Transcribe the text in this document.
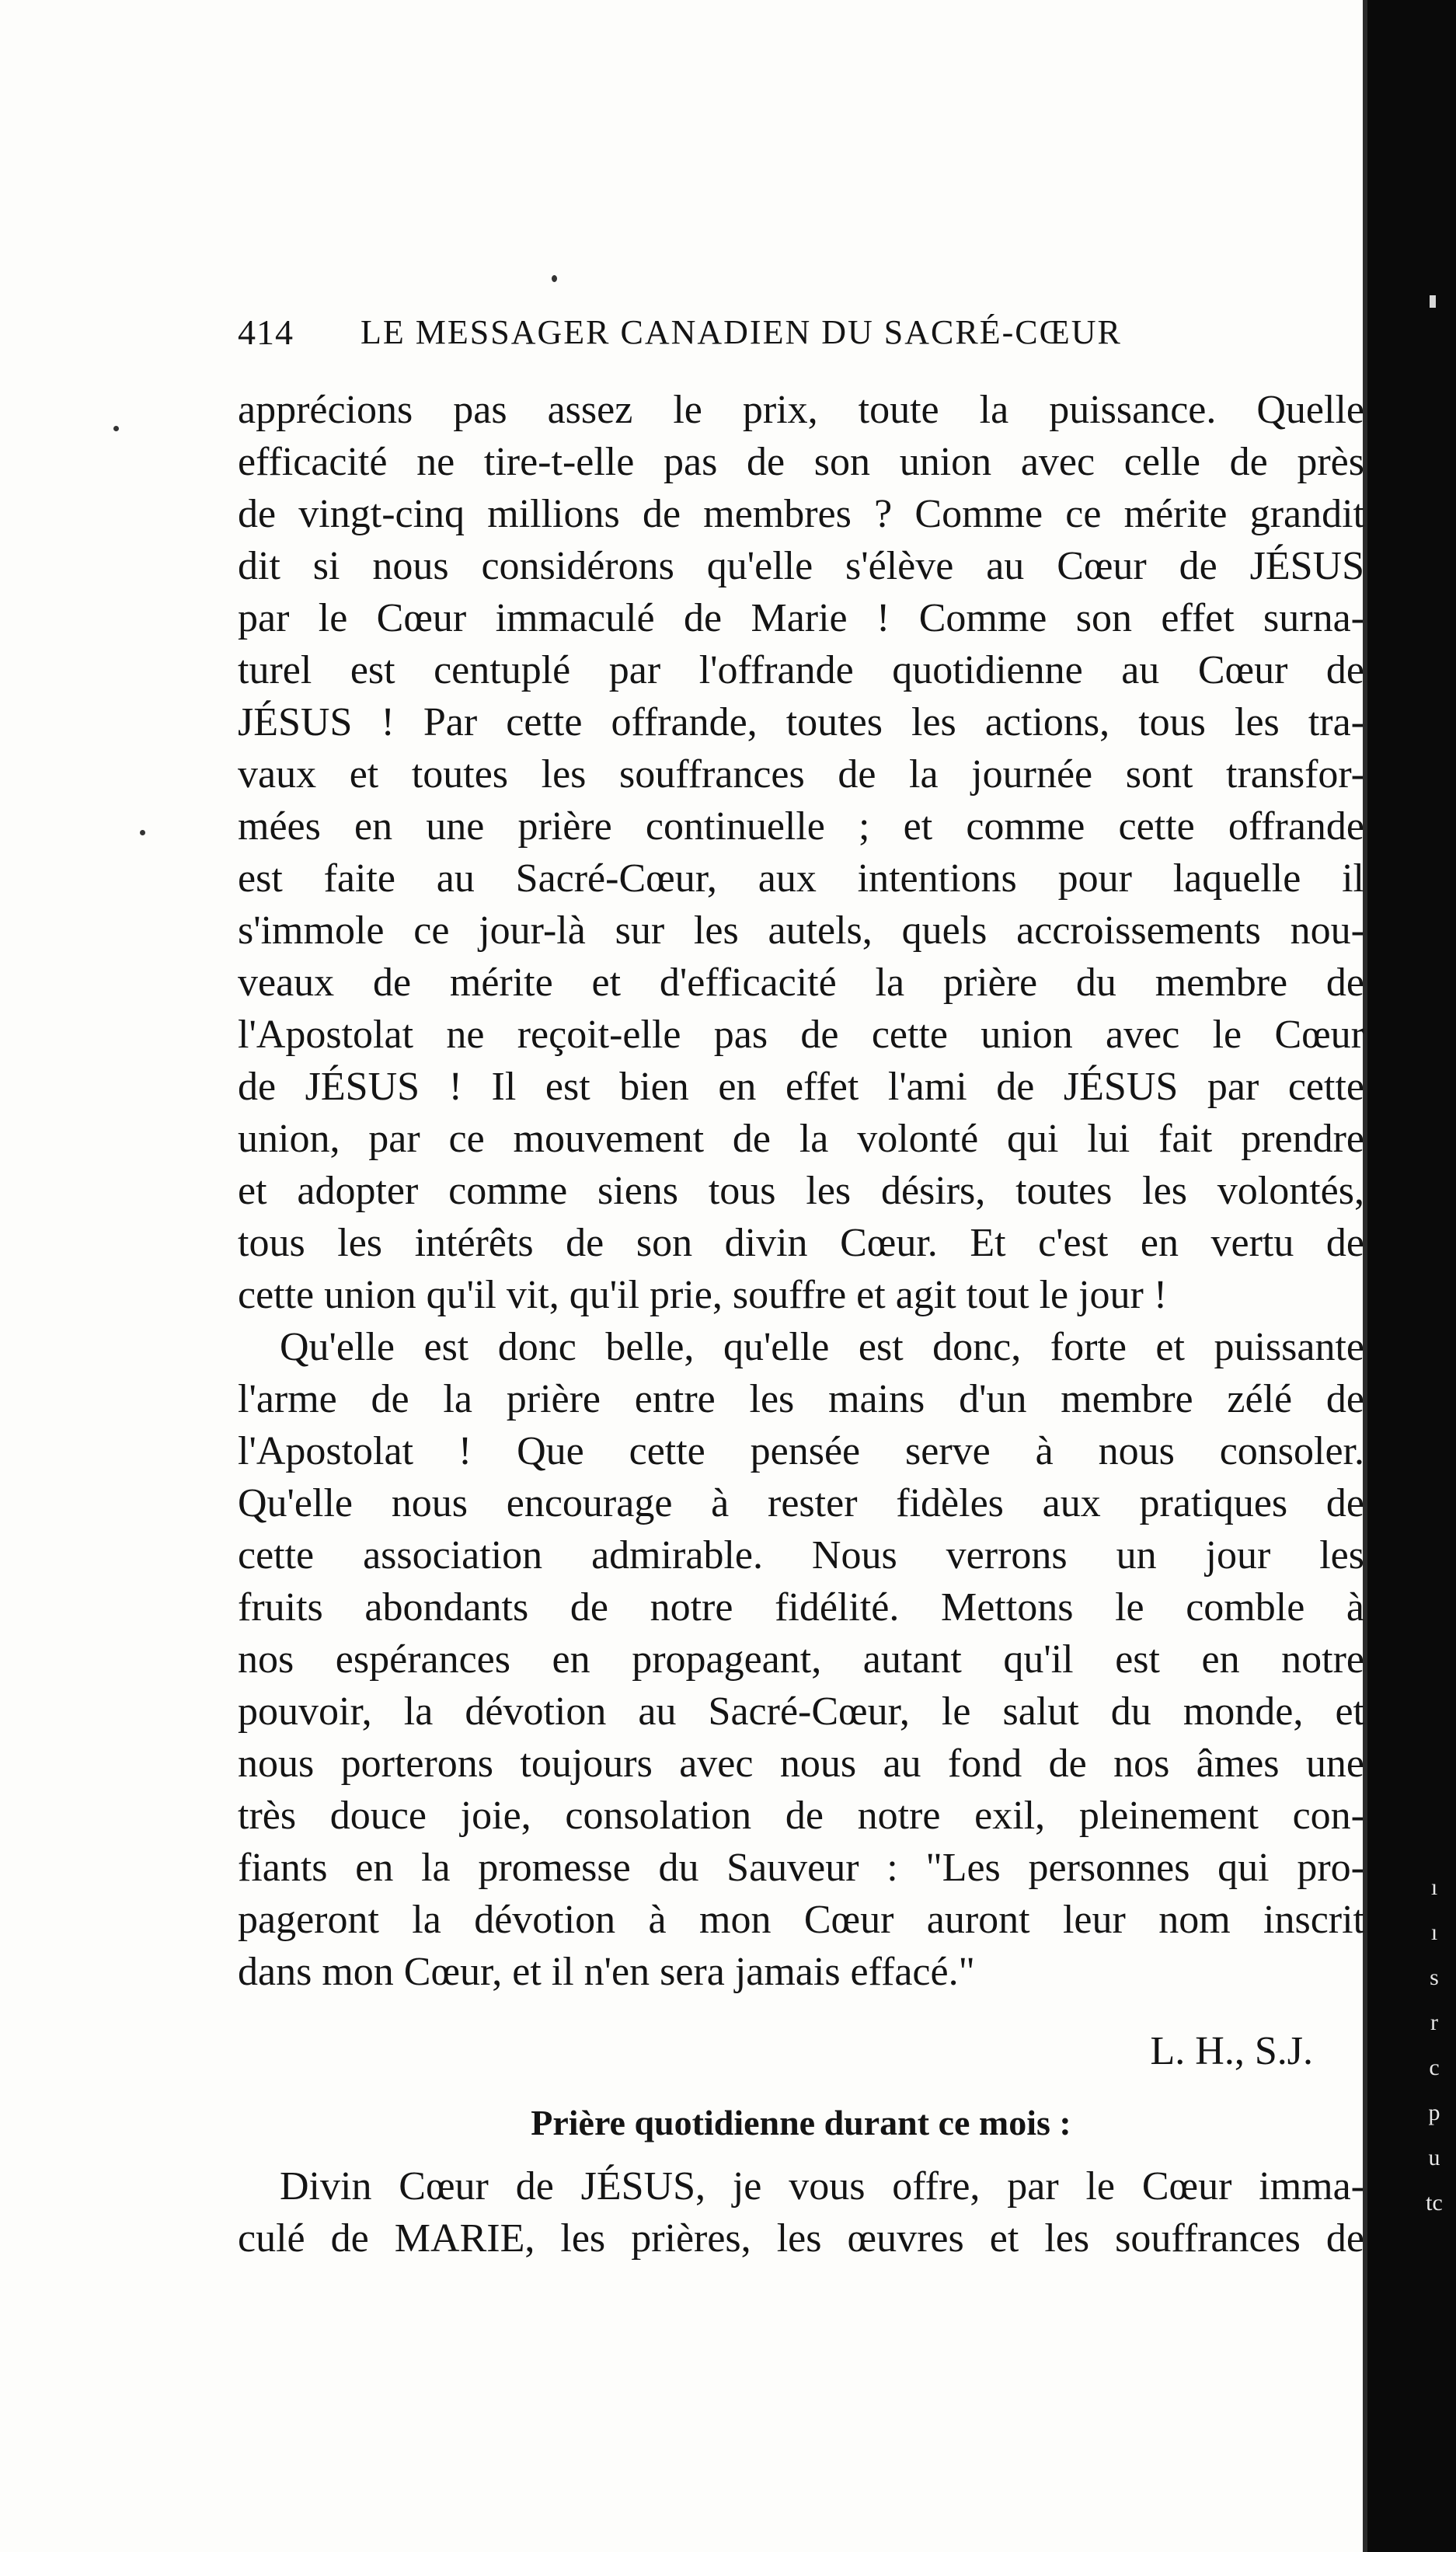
414	LE MESSAGER CANADIEN DU SACRÉ-CŒUR
apprécions pas assez le prix, toute la puissance. Quelle
efficacité ne tire-t-elle pas de son union avec celle de près
de vingt-cinq millions de membres ? Comme ce mérite grandit
dit si nous considérons qu'elle s'élève au Cœur de JÉSUS
par le Cœur immaculé de Marie ! Comme son effet surna-
turel est centuplé par l'offrande quotidienne au Cœur de
JÉSUS ! Par cette offrande, toutes les actions, tous les tra-
vaux et toutes les souffrances de la journée sont transfor-
mées en une prière continuelle ; et comme cette offrande
est faite au Sacré-Cœur, aux intentions pour laquelle il
s'immole ce jour-là sur les autels, quels accroissements nou-
veaux de mérite et d'efficacité la prière du membre de
l'Apostolat ne reçoit-elle pas de cette union avec le Cœur
de JÉSUS ! Il est bien en effet l'ami de JÉSUS par cette
union, par ce mouvement de la volonté qui lui fait prendre
et adopter comme siens tous les désirs, toutes les volontés,
tous les intérêts de son divin Cœur. Et c'est en vertu de
cette union qu'il vit, qu'il prie, souffre et agit tout le jour !
Qu'elle est donc belle, qu'elle est donc, forte et puissante
l'arme de la prière entre les mains d'un membre zélé de
l'Apostolat ! Que cette pensée serve à nous consoler.
Qu'elle nous encourage à rester fidèles aux pratiques de
cette association admirable. Nous verrons un jour les
fruits abondants de notre fidélité. Mettons le comble à
nos espérances en propageant, autant qu'il est en notre
pouvoir, la dévotion au Sacré-Cœur, le salut du monde, et
nous porterons toujours avec nous au fond de nos âmes une
très douce joie, consolation de notre exil, pleinement con-
fiants en la promesse du Sauveur : "Les personnes qui pro-
pageront la dévotion à mon Cœur auront leur nom inscrit
dans mon Cœur, et il n'en sera jamais effacé."
L. H., S.J.
Prière quotidienne durant ce mois :
Divin Cœur de JÉSUS, je vous offre, par le Cœur imma-
culé de MARIE, les prières, les œuvres et les souffrances de
ı
ı
s
r
c
p
u
tc
